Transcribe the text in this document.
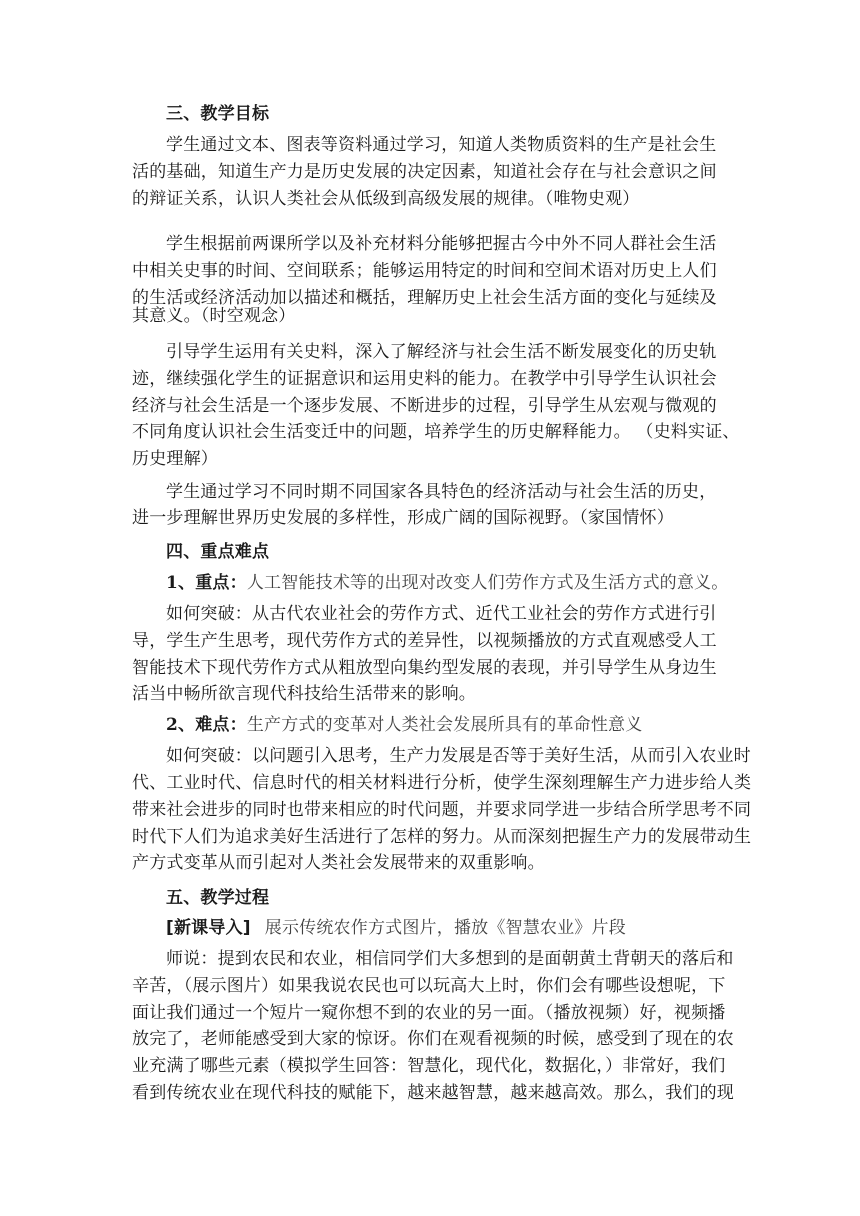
三、教学目标
学生通过文本、图表等资料通过学习，知道人类物质资料的生产是社会生
活的基础，知道生产力是历史发展的决定因素，知道社会存在与社会意识之间
的辩证关系，认识人类社会从低级到高级发展的规律。（唯物史观）
学生根据前两课所学以及补充材料分能够把握古今中外不同人群社会生活
中相关史事的时间、空间联系；能够运用特定的时间和空间术语对历史上人们
的生活或经济活动加以描述和概括，理解历史上社会生活方面的变化与延续及
其意义。（时空观念）
引导学生运用有关史料，深入了解经济与社会生活不断发展变化的历史轨
迹，继续强化学生的证据意识和运用史料的能力。在教学中引导学生认识社会
经济与社会生活是一个逐步发展、不断进步的过程，引导学生从宏观与微观的
不同角度认识社会生活变迁中的问题，培养学生的历史解释能力。 （史料实证、
历史理解）
学生通过学习不同时期不同国家各具特色的经济活动与社会生活的历史，
进一步理解世界历史发展的多样性，形成广阔的国际视野。（家国情怀）
四、重点难点
1、重点：人工智能技术等的出现对改变人们劳作方式及生活方式的意义。
如何突破：从古代农业社会的劳作方式、近代工业社会的劳作方式进行引
导，学生产生思考，现代劳作方式的差异性，以视频播放的方式直观感受人工
智能技术下现代劳作方式从粗放型向集约型发展的表现，并引导学生从身边生
活当中畅所欲言现代科技给生活带来的影响。
2、难点：生产方式的变革对人类社会发展所具有的革命性意义
如何突破：以问题引入思考，生产力发展是否等于美好生活，从而引入农业时
代、工业时代、信息时代的相关材料进行分析，使学生深刻理解生产力进步给人类
带来社会进步的同时也带来相应的时代问题，并要求同学进一步结合所学思考不同
时代下人们为追求美好生活进行了怎样的努力。从而深刻把握生产力的发展带动生
产方式变革从而引起对人类社会发展带来的双重影响。
五、教学过程
[新课导入] 展示传统农作方式图片，播放《智慧农业》片段
师说：提到农民和农业，相信同学们大多想到的是面朝黄土背朝天的落后和
辛苦，（展示图片）如果我说农民也可以玩高大上时，你们会有哪些设想呢，下
面让我们通过一个短片一窥你想不到的农业的另一面。（播放视频）好，视频播
放完了，老师能感受到大家的惊讶。你们在观看视频的时候，感受到了现在的农
业充满了哪些元素（模拟学生回答：智慧化，现代化，数据化，）非常好，我们
看到传统农业在现代科技的赋能下，越来越智慧，越来越高效。那么，我们的现
